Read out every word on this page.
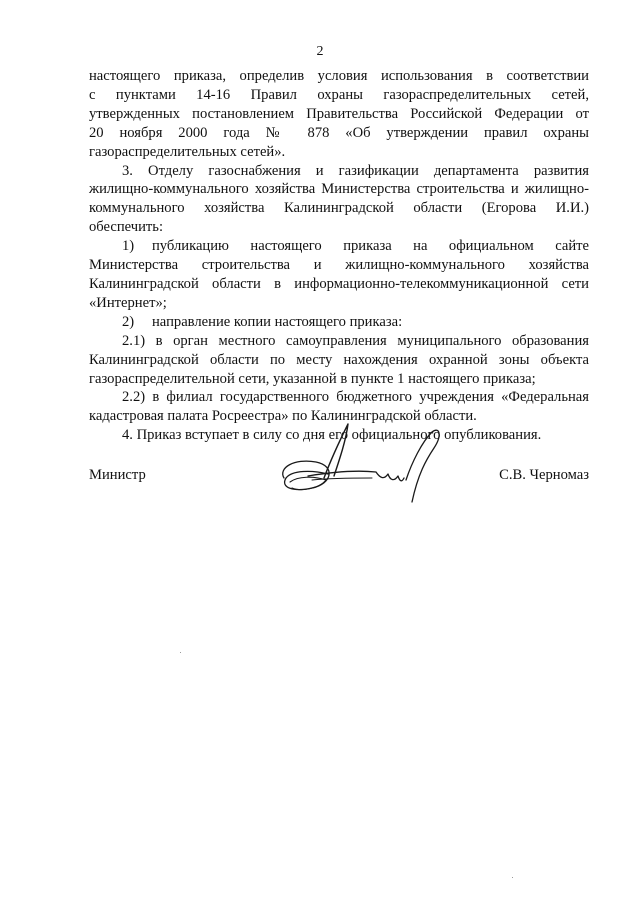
2
настоящего приказа, определив условия использования в соответствии
с пунктами 14-16 Правил охраны газораспределительных сетей,
утвержденных постановлением Правительства Российской Федерации от
20 ноября 2000 года № 878 «Об утверждении правил охраны
газораспределительных сетей».
3. Отделу газоснабжения и газификации департамента развития
жилищно-коммунального хозяйства Министерства строительства и жилищно-
коммунального хозяйства Калининградской области (Егорова И.И.)
обеспечить:
1)	публикацию настоящего приказа на официальном сайте
Министерства строительства и жилищно-коммунального хозяйства
Калининградской области в информационно-телекоммуникационной сети
«Интернет»;
2)	направление копии настоящего приказа:
2.1) в орган местного самоуправления муниципального образования
Калининградской области по месту нахождения охранной зоны объекта
газораспределительной сети, указанной в пункте 1 настоящего приказа;
2.2) в филиал государственного бюджетного учреждения «Федеральная
кадастровая палата Росреестра» по Калининградской области.
4. Приказ вступает в силу со дня его официального опубликования.
Министр	С.В. Черномаз
